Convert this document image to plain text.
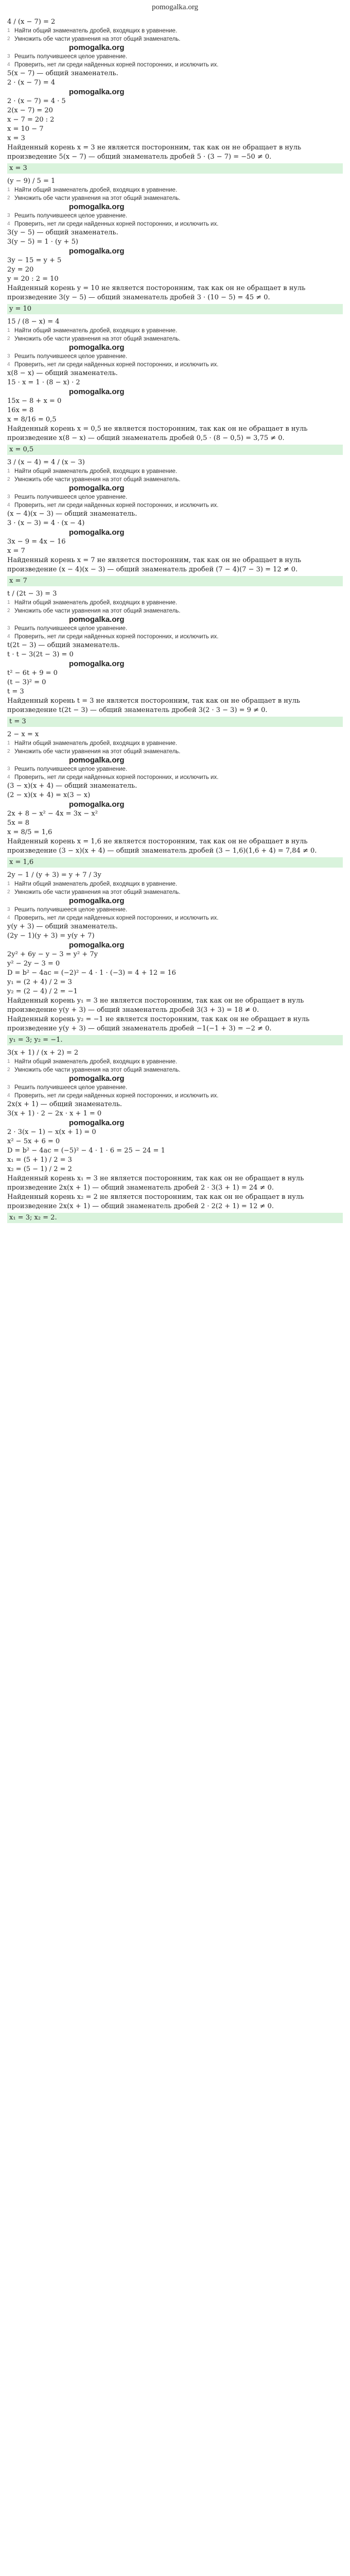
pomogalka.org
4 / (x − 7) = 2
1 Найти общий знаменатель дробей, входящих в уравнение.
2 Умножить обе части уравнения на этот общий знаменатель.
pomogalka.org
3 Решить получившееся целое уравнение.
4 Проверить, нет ли среди найденных корней посторонних, и исключить их.
5(x − 7) — общий знаменатель.
2 · (x − 7) = 4
pomogalka.org
2 · (x − 7) = 4 · 5
2(x − 7) = 20
x − 7 = 20 : 2
x = 10 − 7
x = 3
Найденный корень x = 3 не является посторонним, так как он не обращает в нуль произведение 5(x − 7) — общий знаменатель дробей 5 · (3 − 7) = −50 ≠ 0.
x = 3
(y − 9) / 5 = 1
1 Найти общий знаменатель дробей, входящих в уравнение.
2 Умножить обе части уравнения на этот общий знаменатель.
pomogalka.org
3 Решить получившееся целое уравнение.
4 Проверить, нет ли среди найденных корней посторонних, и исключить их.
3(y − 5) — общий знаменатель.
3(y − 5) = 1 · (y + 5)
pomogalka.org
3y − 15 = y + 5
2y = 20
y = 20 : 2 = 10
Найденный корень y = 10 не является посторонним, так как он не обращает в нуль произведение 3(y − 5) — общий знаменатель дробей 3 · (10 − 5) = 45 ≠ 0.
y = 10
15 / (8 − x) = 4
1 Найти общий знаменатель дробей, входящих в уравнение.
2 Умножить обе части уравнения на этот общий знаменатель.
pomogalka.org
3 Решить получившееся целое уравнение.
4 Проверить, нет ли среди найденных корней посторонних, и исключить их.
x(8 − x) — общий знаменатель.
15 · x = 1 · (8 − x) · 2
pomogalka.org
15x − 8 + x = 0
16x = 8
x = 8/16 = 0,5
Найденный корень x = 0,5 не является посторонним, так как он не обращает в нуль произведение x(8 − x) — общий знаменатель дробей 0,5 · (8 − 0,5) = 3,75 ≠ 0.
x = 0,5
3 / (x − 4) = 4 / (x − 3)
1 Найти общий знаменатель дробей, входящих в уравнение.
2 Умножить обе части уравнения на этот общий знаменатель.
pomogalka.org
3 Решить получившееся целое уравнение.
4 Проверить, нет ли среди найденных корней посторонних, и исключить их.
(x − 4)(x − 3) — общий знаменатель.
3 · (x − 3) = 4 · (x − 4)
pomogalka.org
3x − 9 = 4x − 16
x = 7
Найденный корень x = 7 не является посторонним, так как он не обращает в нуль произведение (x − 4)(x − 3) — общий знаменатель дробей (7 − 4)(7 − 3) = 12 ≠ 0.
x = 7
t / (2t − 3) = 3
1 Найти общий знаменатель дробей, входящих в уравнение.
2 Умножить обе части уравнения на этот общий знаменатель.
pomogalka.org
3 Решить получившееся целое уравнение.
4 Проверить, нет ли среди найденных корней посторонних, и исключить их.
t(2t − 3) — общий знаменатель.
t · t − 3(2t − 3) = 0
pomogalka.org
t² − 6t + 9 = 0
(t − 3)² = 0
t = 3
Найденный корень t = 3 не является посторонним, так как он не обращает в нуль произведение t(2t − 3) — общий знаменатель дробей 3(2 · 3 − 3) = 9 ≠ 0.
t = 3
2 − x = x
1 Найти общий знаменатель дробей, входящих в уравнение.
2 Умножить обе части уравнения на этот общий знаменатель.
pomogalka.org
3 Решить получившееся целое уравнение.
4 Проверить, нет ли среди найденных корней посторонних, и исключить их.
(3 − x)(x + 4) — общий знаменатель.
(2 − x)(x + 4) = x(3 − x)
pomogalka.org
2x + 8 − x² − 4x = 3x − x²
5x = 8
x = 8/5 = 1,6
Найденный корень x = 1,6 не является посторонним, так как он не обращает в нуль произведение (3 − x)(x + 4) — общий знаменатель дробей (3 − 1,6)(1,6 + 4) = 7,84 ≠ 0.
x = 1,6
2y − 1 / (y + 3) = y + 7 / 3y
1 Найти общий знаменатель дробей, входящих в уравнение.
2 Умножить обе части уравнения на этот общий знаменатель.
pomogalka.org
3 Решить получившееся целое уравнение.
4 Проверить, нет ли среди найденных корней посторонних, и исключить их.
y(y + 3) — общий знаменатель.
(2y − 1)(y + 3) = y(y + 7)
pomogalka.org
2y² + 6y − y − 3 = y² + 7y
y² − 2y − 3 = 0
D = b² − 4ac = (−2)² − 4 · 1 · (−3) = 4 + 12 = 16
y₁ = (2 + 4) / 2 = 3
y₂ = (2 − 4) / 2 = −1
Найденный корень y₁ = 3 не является посторонним, так как он не обращает в нуль произведение y(y + 3) — общий знаменатель дробей 3(3 + 3) = 18 ≠ 0.
Найденный корень y₂ = −1 не является посторонним, так как он не обращает в нуль произведение y(y + 3) — общий знаменатель дробей −1(−1 + 3) = −2 ≠ 0.
y₁ = 3; y₂ = −1.
3(x + 1) / (x + 2) = 2
1 Найти общий знаменатель дробей, входящих в уравнение.
2 Умножить обе части уравнения на этот общий знаменатель.
pomogalka.org
3 Решить получившееся целое уравнение.
4 Проверить, нет ли среди найденных корней посторонних, и исключить их.
2x(x + 1) — общий знаменатель.
3(x + 1) · 2 − 2x · x + 1 = 0
pomogalka.org
2 · 3(x − 1) − x(x + 1) = 0
x² − 5x + 6 = 0
D = b² − 4ac = (−5)² − 4 · 1 · 6 = 25 − 24 = 1
x₁ = (5 + 1) / 2 = 3
x₂ = (5 − 1) / 2 = 2
Найденный корень x₁ = 3 не является посторонним, так как он не обращает в нуль произведение 2x(x + 1) — общий знаменатель дробей 2 · 3(3 + 1) = 24 ≠ 0.
Найденный корень x₂ = 2 не является посторонним, так как он не обращает в нуль произведение 2x(x + 1) — общий знаменатель дробей 2 · 2(2 + 1) = 12 ≠ 0.
x₁ = 3; x₂ = 2.
